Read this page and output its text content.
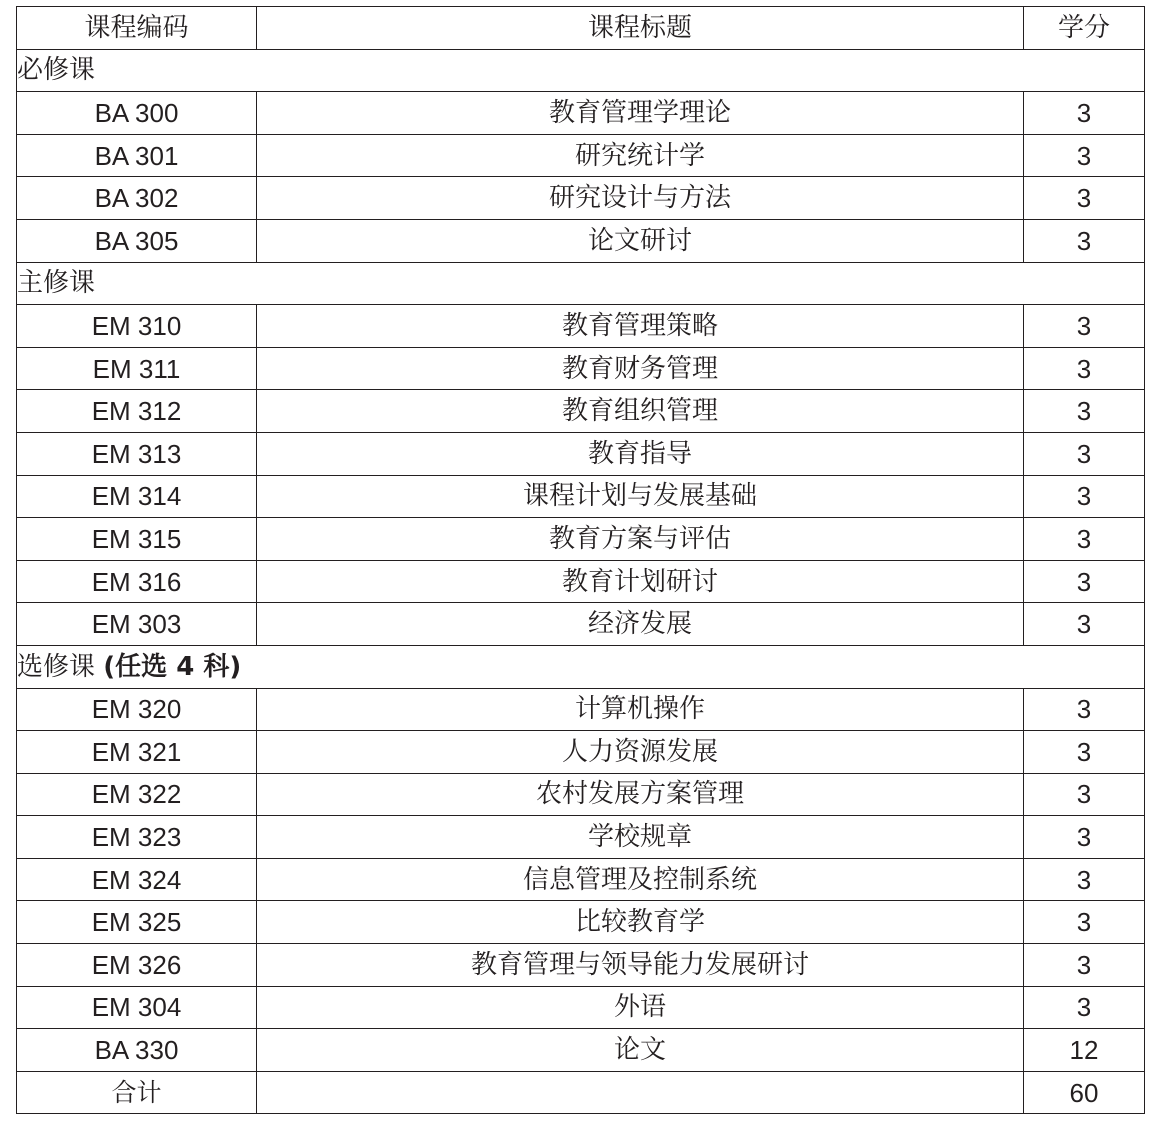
课程编码	课程标题	学分
必修课		
BA 300	教育管理学理论	3
BA 301	研究统计学	3
BA 302	研究设计与方法	3
BA 305	论文研讨	3
主修课		
EM 310	教育管理策略	3
EM 311	教育财务管理	3
EM 312	教育组织管理	3
EM 313	教育指导	3
EM 314	课程计划与发展基础	3
EM 315	教育方案与评估	3
EM 316	教育计划研讨	3
EM 303	经济发展	3
选修课 (任选 4 科)		
EM 320	计算机操作	3
EM 321	人力资源发展	3
EM 322	农村发展方案管理	3
EM 323	学校规章	3
EM 324	信息管理及控制系统	3
EM 325	比较教育学	3
EM 326	教育管理与领导能力发展研讨	3
EM 304	外语	3
BA 330	论文	12
合计		60
